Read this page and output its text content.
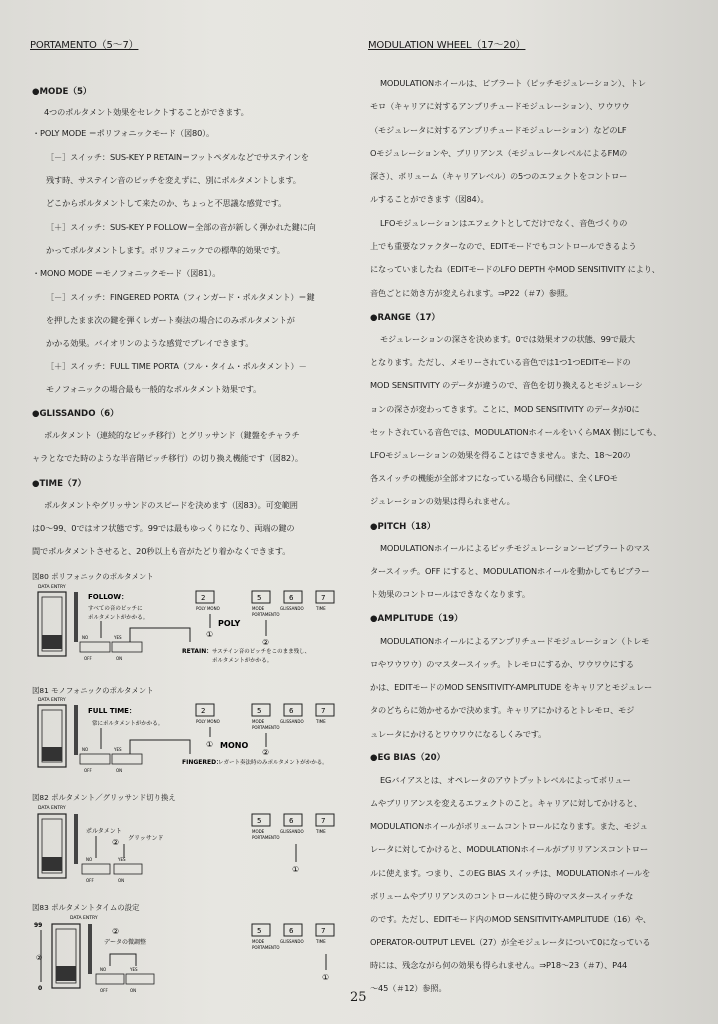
PORTAMENTO（5～7）
●MODE（5）
4つのポルタメント効果をセレクトすることができます。
・POLY MODE ＝ポリフォニックモード（図80）。
［－］スイッチ：SUS-KEY P RETAIN＝フットペダルなどでサステインを
残す時、サステイン音のピッチを変えずに、別にポルタメントします。
どこからポルタメントして来たのか、ちょっと不思議な感覚です。
［＋］スイッチ：SUS-KEY P FOLLOW＝全部の音が新しく弾かれた鍵に向
かってポルタメントします。ポリフォニックでの標準的効果です。
・MONO MODE ＝モノフォニックモード（図81）。
［－］スイッチ：FINGERED PORTA（フィンガード・ポルタメント）＝鍵
を押したまま次の鍵を弾くレガート奏法の場合にのみポルタメントが
かかる効果。バイオリンのような感覚でプレイできます。
［＋］スイッチ：FULL TIME PORTA（フル・タイム・ポルタメント）－
モノフォニックの場合最も一般的なポルタメント効果です。
●GLISSANDO（6）
ポルタメント（連続的なピッチ移行）とグリッサンド（鍵盤をチャラチ
ャラとなでた時のような半音階ピッチ移行）の切り換え機能です（図82）。
●TIME（7）
ポルタメントやグリッサンドのスピードを決めます（図83）。可変範囲
は0～99、0ではオフ状態です。99では最もゆっくりになり、両端の鍵の
間でポルタメントさせると、20秒以上も音がたどり着かなくできます。
図80 ポリフォニックのポルタメント
DATA ENTRY
FOLLOW：
すべての音のピッチに
ポルタメントがかかる。
NO	YES
OFF	ON
2
POLY MONO
①
POLY
5	6	7
MODE	GLISSANDO	TIME
PORTAMENTO
②
RETAIN： サステイン音のピッチをこのまま残し、
ポルタメントがかかる。
図81 モノフォニックのポルタメント
DATA ENTRY
FULL TIME：
常にポルタメントがかかる。
NO	YES
OFF	ON
2
POLY MONO
① MONO
5	6	7
MODE	GLISSANDO	TIME
PORTAMENTO
②
FINGERED：
レガート奏法時のみポルタメントがかかる。
図82 ポルタメント／グリッサンド切り換え
DATA ENTRY
ポルタメント
② グリッサンド
NO	YES
OFF	ON
5	6	7
MODE	GLISSANDO	TIME
PORTAMENTO
①
図83 ポルタメントタイムの設定
DATA ENTRY
99
0
②
②
データの微調整
NO	YES
OFF	ON
5	6	7
MODE	GLISSANDO	TIME
PORTAMENTO
①
MODULATION WHEEL（17～20）
MODULATIONホイールは、ビブラート（ピッチモジュレーション）、トレ
モロ（キャリアに対するアンプリチュードモジュレーション）、ワウワウ
（モジュレータに対するアンプリチュードモジュレーション）などのLF
Oモジュレーションや、ブリリアンス（モジュレータレベルによるFMの
深さ）、ボリューム（キャリアレベル）の5つのエフェクトをコントロー
ルすることができます（図84）。
LFOモジュレーションはエフェクトとしてだけでなく、音色づくりの
上でも重要なファクターなので、EDITモードでもコントロールできるよう
になっていましたね（EDITモードのLFO DEPTH やMOD SENSITIVITY により、
音色ごとに効き方が変えられます。⇒P22（＃7）参照。
●RANGE（17）
モジュレーションの深さを決めます。0では効果オフの状態、99で最大
となります。ただし、メモリーされている音色では1つ1つEDITモードの
MOD SENSITIVITY のデータが違うので、音色を切り換えるとモジュレーシ
ョンの深さが変わってきます。ことに、MOD SENSITIVITY のデータが0に
セットされている音色では、MODULATIONホイールをいくらMAX 側にしても、
LFOモジュレーションの効果を得ることはできません。また、18～20の
各スイッチの機能が全部オフになっている場合も同様に、全くLFOモ
ジュレーションの効果は得られません。
●PITCH（18）
MODULATIONホイールによるピッチモジュレーションービブラートのマス
タースイッチ。OFF にすると、MODULATIONホイールを動かしてもビブラー
ト効果のコントロールはできなくなります。
●AMPLITUDE（19）
MODULATIONホイールによるアンプリチュードモジュレーション（トレモ
ロやワウワウ）のマスタースイッチ。トレモロにするか、ワウワウにする
かは、EDITモードのMOD SENSITIVITY-AMPLITUDE をキャリアとモジュレー
タのどちらに効かせるかで決めます。キャリアにかけるとトレモロ、モジ
ュレータにかけるとワウワウになるしくみです。
●EG BIAS（20）
EGバイアスとは、オペレータのアウトプットレベルによってボリュー
ムやブリリアンスを変えるエフェクトのこと。キャリアに対してかけると、
MODULATIONホイールがボリュームコントロールになります。また、モジュ
レータに対してかけると、MODULATIONホイールがブリリアンスコントロー
ルに使えます。つまり、このEG BIAS スイッチは、MODULATIONホイールを
ボリュームやブリリアンスのコントロールに使う時のマスタースイッチな
のです。ただし、EDITモード内のMOD SENSITIVITY-AMPLITUDE（16）や、
OPERATOR-OUTPUT LEVEL（27）が全モジュレータについて0になっている
時には、残念ながら何の効果も得られません。⇒P18～23（＃7）、P44
～45（＃12）参照。
25
